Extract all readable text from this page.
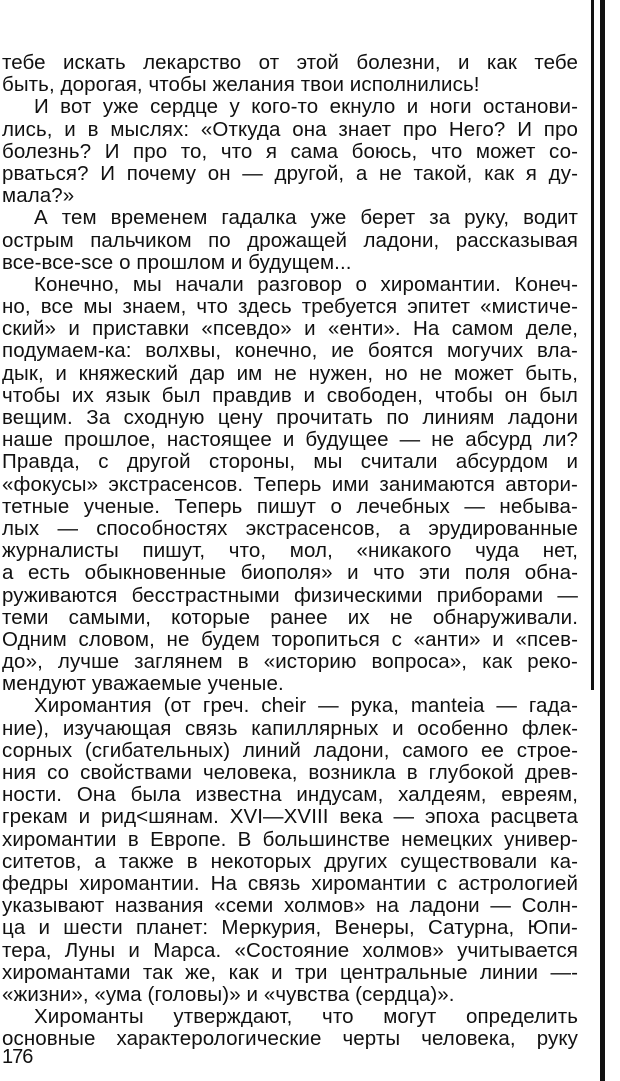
тебе искать лекарство от этой болезни, и как тебе
быть, дорогая, чтобы желания твои исполнились!
И вот уже сердце у кого-то екнуло и ноги останови-
лись, и в мыслях: «Откуда она знает про Него? И про
болезнь? И про то, что я сама боюсь, что может со-
рваться? И почему он — другой, а не такой, как я ду-
мала?»
А тем временем гадалка уже берет за руку, водит
острым пальчиком по дрожащей ладони, рассказывая
все-все-sce о прошлом и будущем...
Конечно, мы начали разговор о хиромантии. Конеч-
но, все мы знаем, что здесь требуется эпитет «мистиче-
ский» и приставки «псевдо» и «енти». На самом деле,
подумаем-ка: волхвы, конечно, ие боятся могучих вла-
дык, и княжеский дар им не нужен, но не может быть,
чтобы их язык был правдив и свободен, чтобы он был
вещим. За сходную цену прочитать по линиям ладони
наше прошлое, настоящее и будущее — не абсурд ли?
Правда, с другой стороны, мы считали абсурдом и
«фокусы» экстрасенсов. Теперь ими занимаются автори-
тетные ученые. Теперь пишут о лечебных — небыва-
лых — способностях экстрасенсов, а эрудированные
журналисты пишут, что, мол, «никакого чуда нет,
а есть обыкновенные биополя» и что эти поля обна-
руживаются бесстрастными физическими приборами —
теми самыми, которые ранее их не обнаруживали.
Одним словом, не будем торопиться с «анти» и «псев-
до», лучше заглянем в «историю вопроса», как реко-
мендуют уважаемые ученые.
Хиромантия (от греч. cheir — рука, manteia — гада-
ние), изучающая связь капиллярных и особенно флек-
сорных (сгибательных) линий ладони, самого ее строе-
ния со свойствами человека, возникла в глубокой древ-
ности. Она была известна индусам, халдеям, евреям,
грекам и рид<шянам. XVI—XVIII века — эпоха расцвета
хиромантии в Европе. В большинстве немецких универ-
ситетов, а также в некоторых других существовали ка-
федры хиромантии. На связь хиромантии с астрологией
указывают названия «семи холмов» на ладони — Солн-
ца и шести планет: Меркурия, Венеры, Сатурна, Юпи-
тера, Луны и Марса. «Состояние холмов» учитывается
хиромантами так же, как и три центральные линии —-
«жизни», «ума (головы)» и «чувства (сердца)».
Хироманты утверждают, что могут определить
основные характерологические черты человека, руку
176
